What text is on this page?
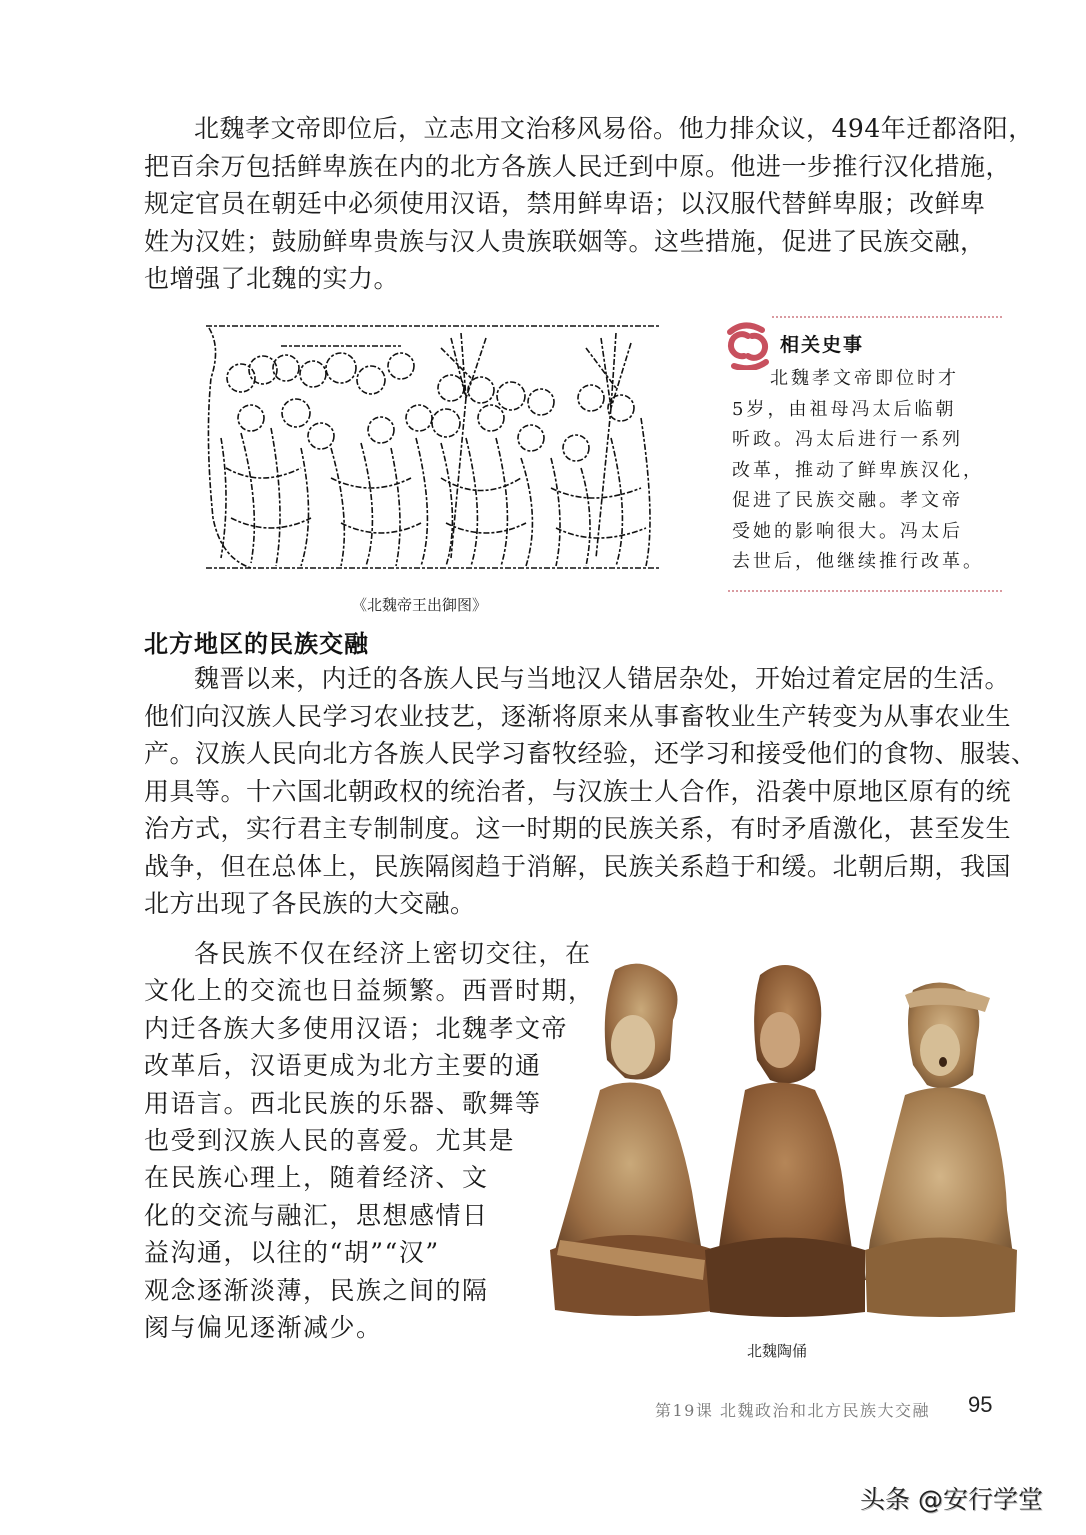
北魏孝文帝即位后，立志用文治移风易俗。他力排众议，494年迁都洛阳，
把百余万包括鲜卑族在内的北方各族人民迁到中原。他进一步推行汉化措施，
规定官员在朝廷中必须使用汉语，禁用鲜卑语；以汉服代替鲜卑服；改鲜卑
姓为汉姓；鼓励鲜卑贵族与汉人贵族联姻等。这些措施，促进了民族交融，
也增强了北魏的实力。
《北魏帝王出御图》
相关史事
北魏孝文帝即位时才
5岁，由祖母冯太后临朝
听政。冯太后进行一系列
改革，推动了鲜卑族汉化，
促进了民族交融。孝文帝
受她的影响很大。冯太后
去世后，他继续推行改革。
北方地区的民族交融
魏晋以来，内迁的各族人民与当地汉人错居杂处，开始过着定居的生活。
他们向汉族人民学习农业技艺，逐渐将原来从事畜牧业生产转变为从事农业生
产。汉族人民向北方各族人民学习畜牧经验，还学习和接受他们的食物、服装、
用具等。十六国北朝政权的统治者，与汉族士人合作，沿袭中原地区原有的统
治方式，实行君主专制制度。这一时期的民族关系，有时矛盾激化，甚至发生
战争，但在总体上，民族隔阂趋于消解，民族关系趋于和缓。北朝后期，我国
北方出现了各民族的大交融。
各民族不仅在经济上密切交往，在
文化上的交流也日益频繁。西晋时期，
内迁各族大多使用汉语；北魏孝文帝
改革后，汉语更成为北方主要的通
用语言。西北民族的乐器、歌舞等
也受到汉族人民的喜爱。尤其是
在民族心理上，随着经济、文
化的交流与融汇，思想感情日
益沟通，以往的“胡”“汉”
观念逐渐淡薄，民族之间的隔
阂与偏见逐渐减少。
北魏陶俑
第19课 北魏政治和北方民族大交融 95
头条 @安行学堂
